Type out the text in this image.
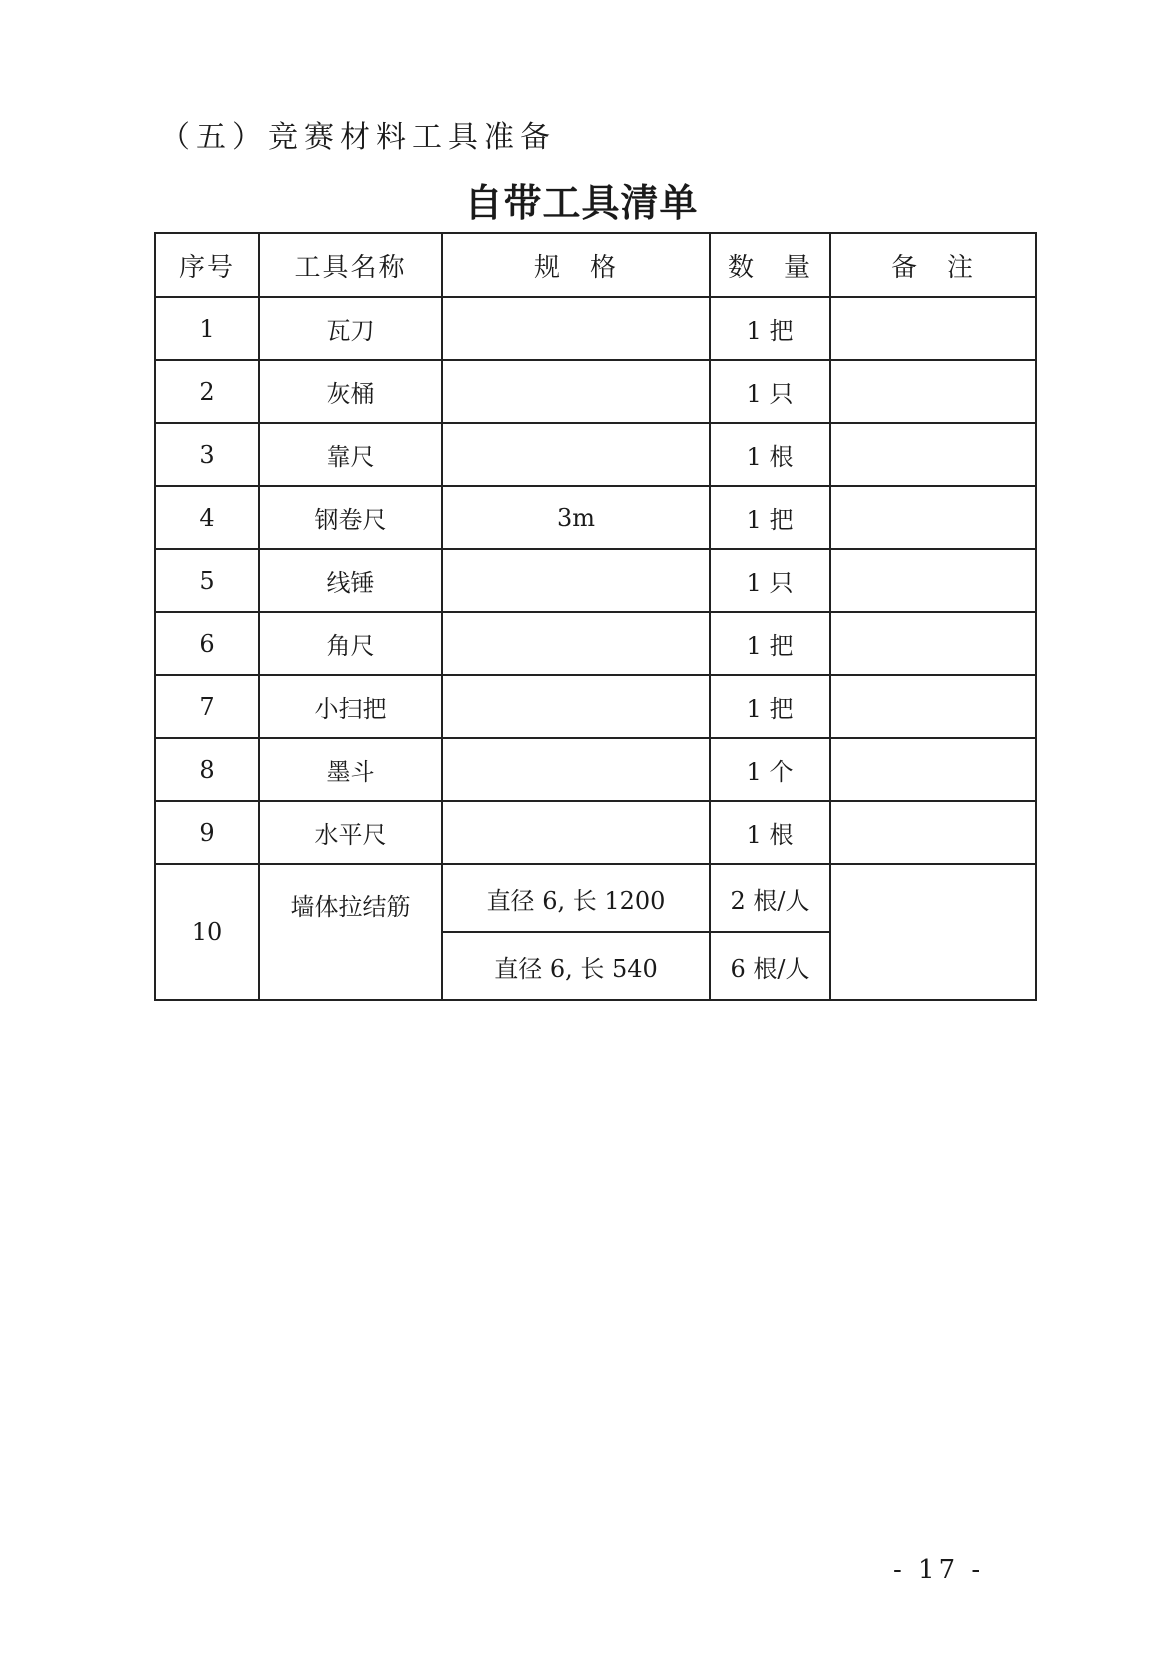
（五）竞赛材料工具准备
自带工具清单
序号	工具名称	规　格	数　量	备　注
1	瓦刀		1 把	
2	灰桶		1 只	
3	靠尺		1 根	
4	钢卷尺	3m	1 把	
5	线锤		1 只	
6	角尺		1 把	
7	小扫把		1 把	
8	墨斗		1 个	
9	水平尺		1 根	
10	墙体拉结筋	直径 6, 长 1200	2 根/人	
		直径 6, 长 540	6 根/人	
- 17 -
